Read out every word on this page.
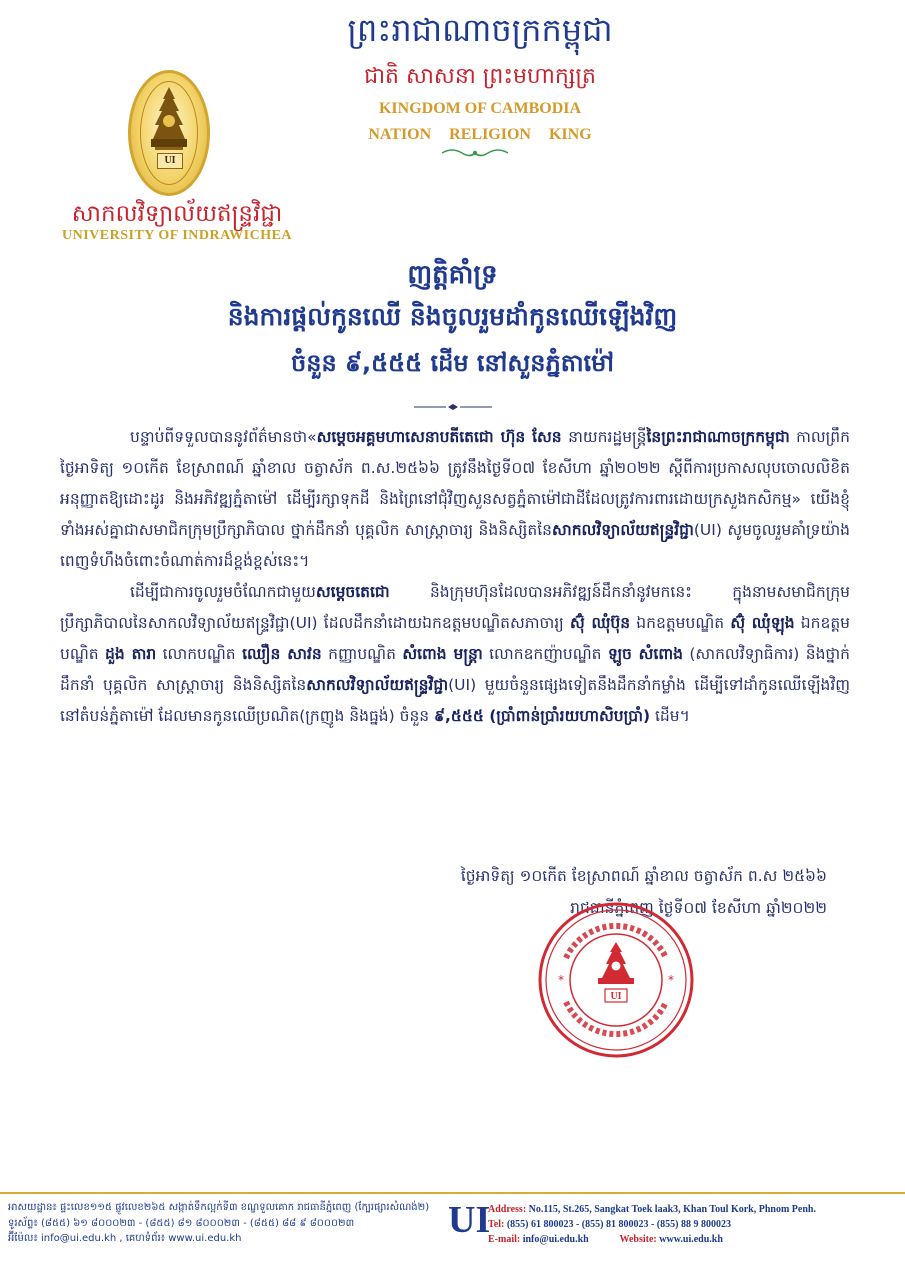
UI
សាកលវិទ្យាល័យឥន្ទ្រវិជ្ជា
UNIVERSITY OF INDRAWICHEA
ព្រះរាជាណាចក្រកម្ពុជា
ជាតិ សាសនា ព្រះមហាក្សត្រ
KINGDOM OF CAMBODIA
NATION RELIGION KING
ញត្តិគាំទ្រ
និងការផ្តល់កូនឈើ និងចូលរួមដាំកូនឈើឡើងវិញ
ចំនួន ៩,៥៥៥ ដើម នៅសួនភ្នំតាម៉ៅ

បន្ទាប់ពីទទួលបាននូវព័ត៌មានថា«សម្តេចអគ្គមហាសេនាបតីតេជោ ហ៊ុន សែន នាយករដ្ឋមន្ត្រីនៃព្រះរាជាណាចក្រកម្ពុជា កាលព្រឹកថ្ងៃអាទិត្យ ១០កើត ខែស្រាពណ៍ ឆ្នាំខាល ចត្វាស័ក ព.ស.២៥៦៦ ត្រូវនឹងថ្ងៃទី០៧ ខែសីហា ឆ្នាំ២០២២ ស្តីពីការប្រកាសលុបចោលលិខិតអនុញ្ញាតឱ្យដោះដូរ និងអភិវឌ្ឍភ្នំតាម៉ៅ ដើម្បីរក្សាទុកដី និងព្រៃនៅជុំវិញសួនសត្វភ្នំតាម៉ៅជាដីដែលត្រូវការពារដោយក្រសួងកសិកម្ម» យើងខ្ញុំទាំងអស់គ្នាជាសមាជិកក្រុមប្រឹក្សាភិបាល ថ្នាក់ដឹកនាំ បុគ្គលិក សាស្ត្រាចារ្យ និងនិស្សិតនៃសាកលវិទ្យាល័យឥន្ទ្រវិជ្ជា(UI) សូមចូលរួមគាំទ្រយ៉ាងពេញទំហឹងចំពោះចំណាត់ការដ៏ខ្ពង់ខ្ពស់នេះ។

ដើម្បីជាការចូលរួមចំណែកជាមួយសម្តេចតេជោ និងក្រុមហ៊ុនដែលបានអភិវឌ្ឍន៍ដឹកនាំនូវមកនេះ ក្នុងនាមសមាជិកក្រុមប្រឹក្សាភិបាលនៃសាកលវិទ្យាល័យឥន្ទ្រវិជ្ជា(UI) ដែលដឹកនាំដោយឯកឧត្តមបណ្ឌិតសភាចារ្យ ស៊ុំ ឈុំប៊ុន ឯកឧត្តមបណ្ឌិត ស៊ុំ ឈុំឡុង ឯកឧត្តមបណ្ឌិត ដួង តារា លោកបណ្ឌិត ឈឿន សាវន កញ្ញាបណ្ឌិត សំពោង មន្ត្រា លោកឧកញ៉ាបណ្ឌិត ឡូច សំពោង (សាកលវិទ្យាធិការ) និងថ្នាក់ដឹកនាំ បុគ្គលិក សាស្ត្រាចារ្យ និងនិស្សិតនៃសាកលវិទ្យាល័យឥន្ទ្រវិជ្ជា(UI) មួយចំនួនផ្សេងទៀតនឹងដឹកនាំកម្លាំង ដើម្បីទៅដាំកូនឈើឡើងវិញនៅតំបន់ភ្នំតាម៉ៅ ដែលមានកូនឈើប្រណិត(ក្រញូង និងធ្នង់) ចំនួន ៩,៥៥៥ (ប្រាំពាន់ប្រាំរយហាសិបប្រាំ) ដើម។

ថ្ងៃអាទិត្យ ១០កើត ខែស្រាពណ៍ ឆ្នាំខាល ចត្វាស័ក ព.ស ២៥៦៦
រាជធានីភ្នំពេញ ថ្ងៃទី០៧ ខែសីហា ឆ្នាំ២០២២
*	*
UI
អាសយដ្ឋាន៖ ផ្ទះលេខ១១៥ ផ្លូវលេខ២៦៥ សង្កាត់ទឹកល្អក់ទី៣ ខណ្ឌទួលគោក រាជធានីភ្នំពេញ (ក្បែរផ្សារសំណង់២)
ទូរស័ព្ទ៖ (៨៥៥) ៦១ ៨០០០២៣ - (៨៥៥) ៨១ ៨០០០២៣ - (៨៥៥) ៨៨ ៩ ៨០០០២៣
អ៊ីម៉ែល៖ info@ui.edu.kh , គេហទំព័រ៖ www.ui.edu.kh	UI
Address: No.115, St.265, Sangkat Toek laak3, Khan Toul Kork, Phnom Penh.
Tel: (855) 61 800023 - (855) 81 800023 - (855) 88 9 800023
E-mail: info@ui.edu.kh	Website: www.ui.edu.kh
